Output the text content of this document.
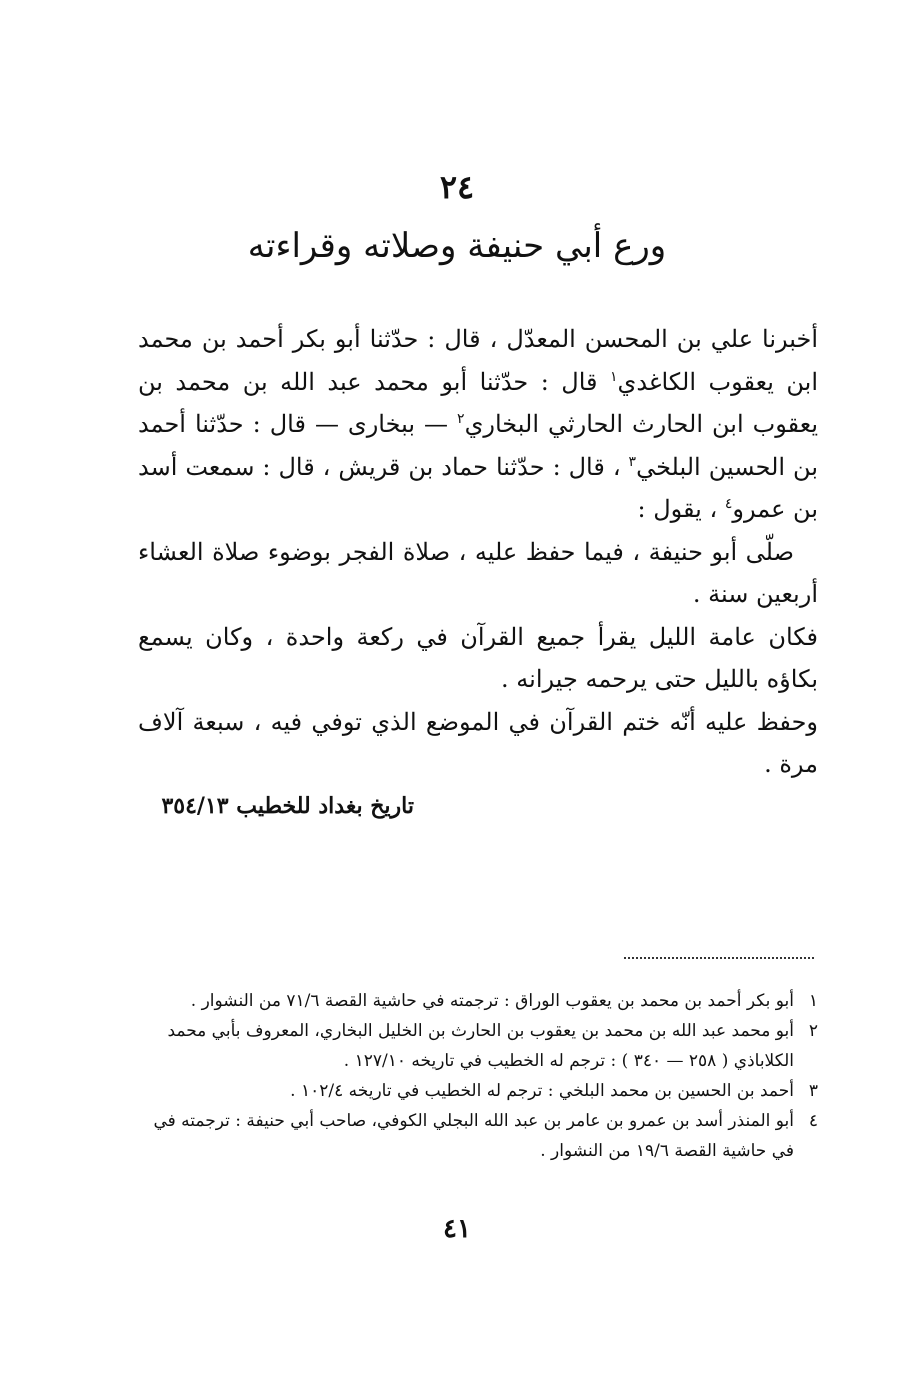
٢٤
ورع أبي حنيفة وصلاته وقراءته

أخبرنا علي بن المحسن المعدّل ، قال : حدّثنا أبو بكر أحمد بن محمد ابن يعقوب الكاغدي$^١$ قال : حدّثنا أبو محمد عبد الله بن محمد بن يعقوب ابن الحارث الحارثي البخاري$^٢$ — ببخارى — قال : حدّثنا أحمد بن الحسين البلخي$^٣$ ، قال : حدّثنا حماد بن قريش ، قال : سمعت أسد بن عمرو$^٤$ ، يقول :

صلّى أبو حنيفة ، فيما حفظ عليه ، صلاة الفجر بوضوء صلاة العشاء أربعين سنة .

فكان عامة الليل يقرأ جميع القرآن في ركعة واحدة ، وكان يسمع بكاؤه بالليل حتى يرحمه جيرانه .

وحفظ عليه أنّه ختم القرآن في الموضع الذي توفي فيه ، سبعة آلاف مرة .

تاريخ بغداد للخطيب ٣٥٤/١٣
١
أبو بكر أحمد بن محمد بن يعقوب الوراق : ترجمته في حاشية القصة ٧١/٦ من النشوار .
٢
أبو محمد عبد الله بن محمد بن يعقوب بن الحارث بن الخليل البخاري، المعروف بأبي محمد الكلاباذي ( ٢٥٨ — ٣٤٠ ) : ترجم له الخطيب في تاريخه ١٢٧/١٠ .
٣
أحمد بن الحسين بن محمد البلخي : ترجم له الخطيب في تاريخه ١٠٢/٤ .
٤
أبو المنذر أسد بن عمرو بن عامر بن عبد الله البجلي الكوفي، صاحب أبي حنيفة : ترجمته في في حاشية القصة ١٩/٦ من النشوار .
٤١
